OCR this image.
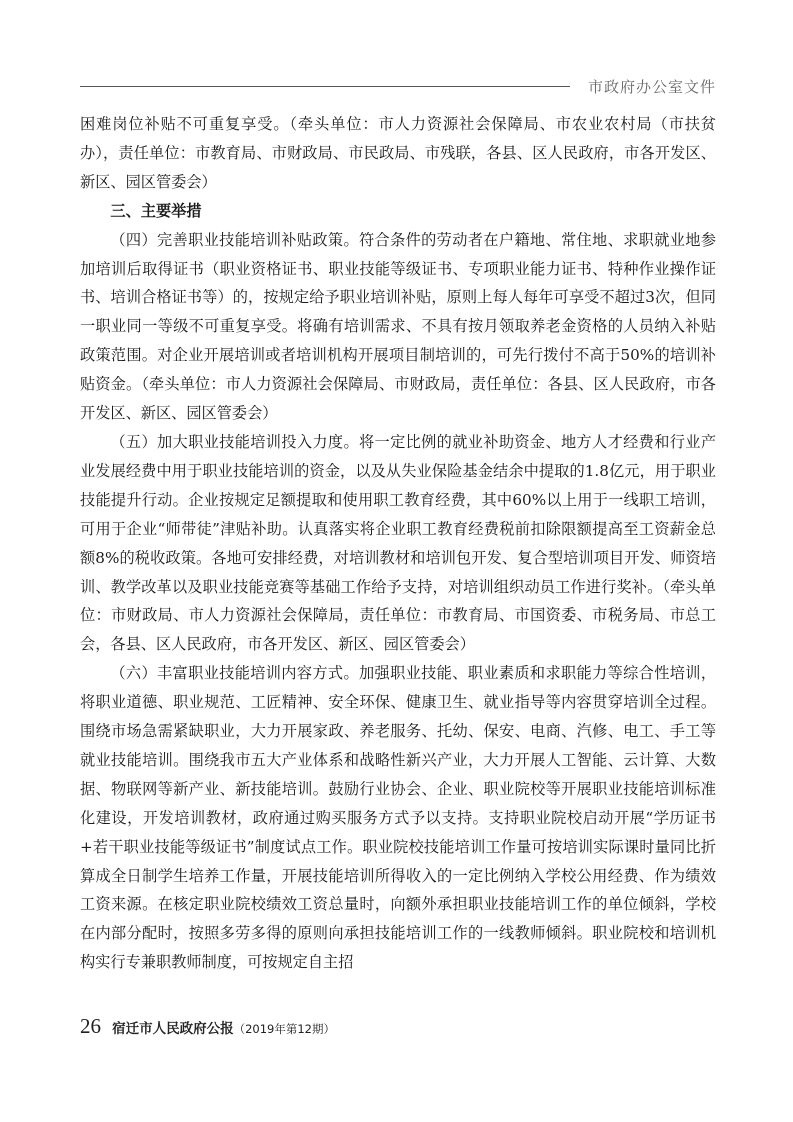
市政府办公室文件

困难岗位补贴不可重复享受。（牵头单位：市人力资源社会保障局、市农业农村局（市扶贫办），责任单位：市教育局、市财政局、市民政局、市残联，各县、区人民政府，市各开发区、新区、园区管委会）

三、主要举措

（四）完善职业技能培训补贴政策。符合条件的劳动者在户籍地、常住地、求职就业地参加培训后取得证书（职业资格证书、职业技能等级证书、专项职业能力证书、特种作业操作证书、培训合格证书等）的，按规定给予职业培训补贴，原则上每人每年可享受不超过3次，但同一职业同一等级不可重复享受。将确有培训需求、不具有按月领取养老金资格的人员纳入补贴政策范围。对企业开展培训或者培训机构开展项目制培训的，可先行拨付不高于50%的培训补贴资金。（牵头单位：市人力资源社会保障局、市财政局，责任单位：各县、区人民政府，市各开发区、新区、园区管委会）

（五）加大职业技能培训投入力度。将一定比例的就业补助资金、地方人才经费和行业产业发展经费中用于职业技能培训的资金，以及从失业保险基金结余中提取的1.8亿元，用于职业技能提升行动。企业按规定足额提取和使用职工教育经费，其中60%以上用于一线职工培训，可用于企业“师带徒”津贴补助。认真落实将企业职工教育经费税前扣除限额提高至工资薪金总额8%的税收政策。各地可安排经费，对培训教材和培训包开发、复合型培训项目开发、师资培训、教学改革以及职业技能竞赛等基础工作给予支持，对培训组织动员工作进行奖补。（牵头单位：市财政局、市人力资源社会保障局，责任单位：市教育局、市国资委、市税务局、市总工会，各县、区人民政府，市各开发区、新区、园区管委会）

（六）丰富职业技能培训内容方式。加强职业技能、职业素质和求职能力等综合性培训，将职业道德、职业规范、工匠精神、安全环保、健康卫生、就业指导等内容贯穿培训全过程。围绕市场急需紧缺职业，大力开展家政、养老服务、托幼、保安、电商、汽修、电工、手工等就业技能培训。围绕我市五大产业体系和战略性新兴产业，大力开展人工智能、云计算、大数据、物联网等新产业、新技能培训。鼓励行业协会、企业、职业院校等开展职业技能培训标准化建设，开发培训教材，政府通过购买服务方式予以支持。支持职业院校启动开展“学历证书+若干职业技能等级证书”制度试点工作。职业院校技能培训工作量可按培训实际课时量同比折算成全日制学生培养工作量，开展技能培训所得收入的一定比例纳入学校公用经费、作为绩效工资来源。在核定职业院校绩效工资总量时，向额外承担职业技能培训工作的单位倾斜，学校在内部分配时，按照多劳多得的原则向承担技能培训工作的一线教师倾斜。职业院校和培训机构实行专兼职教师制度，可按规定自主招

26 宿迁市人民政府公报（2019年第12期）
